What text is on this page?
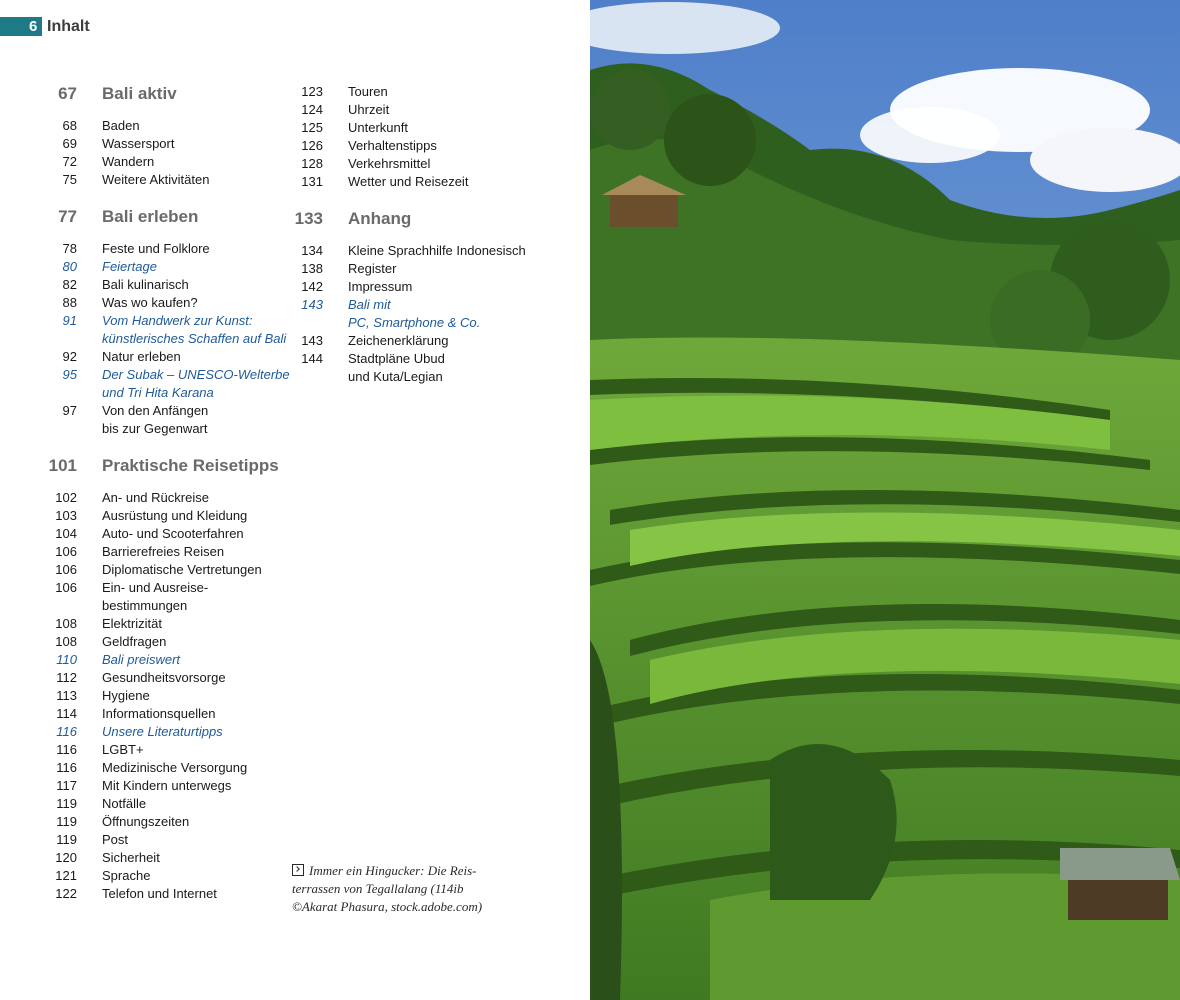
6 Inhalt
67 Bali aktiv
68 Baden
69 Wassersport
72 Wandern
75 Weitere Aktivitäten
77 Bali erleben
78 Feste und Folklore
80 Feiertage
82 Bali kulinarisch
88 Was wo kaufen?
91 Vom Handwerk zur Kunst:
künstlerisches Schaffen auf Bali
92 Natur erleben
95 Der Subak – UNESCO-Welterbe
und Tri Hita Karana
97 Von den Anfängen
bis zur Gegenwart
101 Praktische Reisetipps
102 An- und Rückreise
103 Ausrüstung und Kleidung
104 Auto- und Scooterfahren
106 Barrierefreies Reisen
106 Diplomatische Vertretungen
106 Ein- und Ausreise-
bestimmungen
108 Elektrizität
108 Geldfragen
110 Bali preiswert
112 Gesundheitsvorsorge
113 Hygiene
114 Informationsquellen
116 Unsere Literaturtipps
116 LGBT+
116 Medizinische Versorgung
117 Mit Kindern unterwegs
119 Notfälle
119 Öffnungszeiten
119 Post
120 Sicherheit
121 Sprache
122 Telefon und Internet
123 Touren
124 Uhrzeit
125 Unterkunft
126 Verhaltenstipps
128 Verkehrsmittel
131 Wetter und Reisezeit
133 Anhang
134 Kleine Sprachhilfe Indonesisch
138 Register
142 Impressum
143 Bali mit
PC, Smartphone & Co.
143 Zeichenerklärung
144 Stadtpläne Ubud
und Kuta/Legian
Immer ein Hingucker: Die Reis-
terrassen von Tegallalang (114ib
©Akarat Phasura, stock.adobe.com)
